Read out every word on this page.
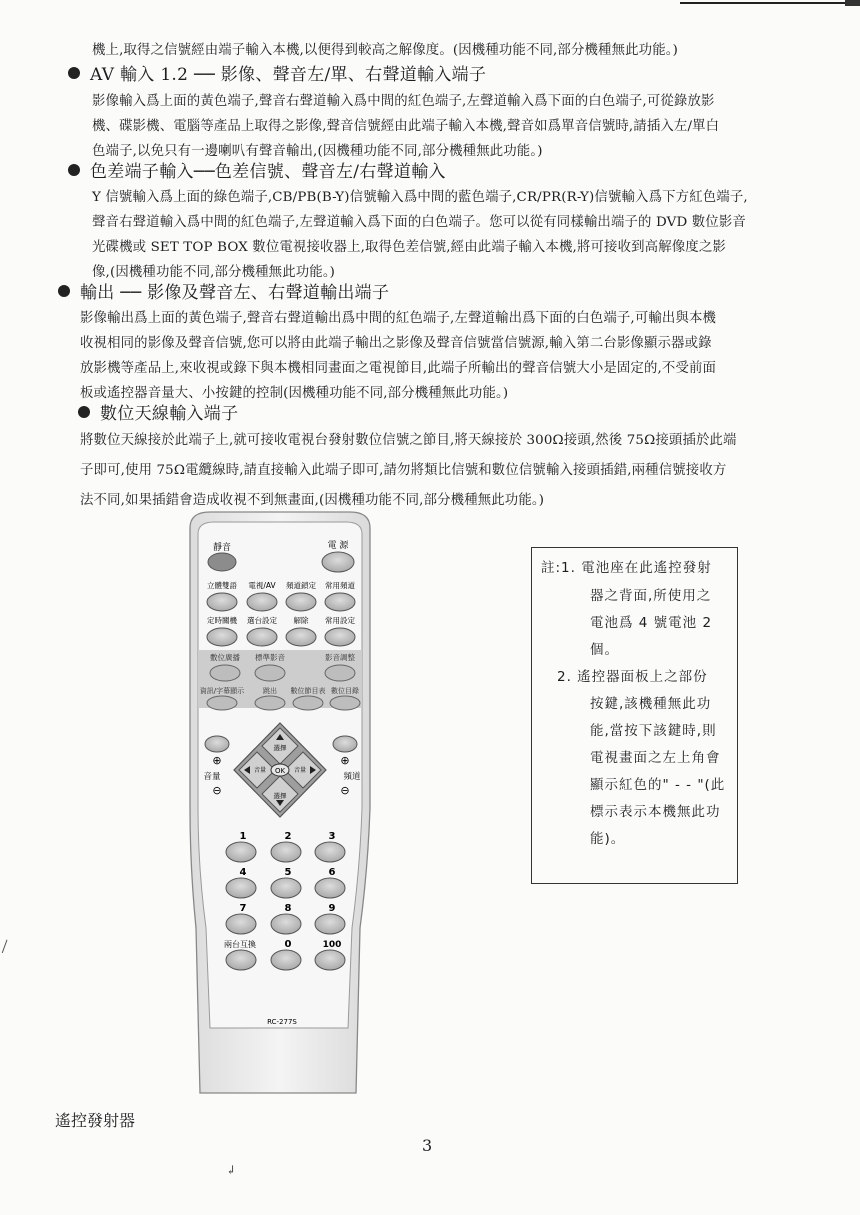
機上,取得之信號經由端子輸入本機,以便得到較高之解像度。(因機種功能不同,部分機種無此功能。)
AV 輸入 1.2 ── 影像、聲音左/單、右聲道輸入端子
影像輸入爲上面的黃色端子,聲音右聲道輸入爲中間的紅色端子,左聲道輸入爲下面的白色端子,可從錄放影
機、碟影機、電腦等產品上取得之影像,聲音信號經由此端子輸入本機,聲音如爲單音信號時,請插入左/單白
色端子,以免只有一邊喇叭有聲音輸出,(因機種功能不同,部分機種無此功能。)
色差端子輸入──色差信號、聲音左/右聲道輸入
Y 信號輸入爲上面的綠色端子,CB/PB(B-Y)信號輸入爲中間的藍色端子,CR/PR(R-Y)信號輸入爲下方紅色端子,
聲音右聲道輸入爲中間的紅色端子,左聲道輸入爲下面的白色端子。您可以從有同樣輸出端子的 DVD 數位影音
光碟機或 SET TOP BOX 數位電視接收器上,取得色差信號,經由此端子輸入本機,將可接收到高解像度之影
像,(因機種功能不同,部分機種無此功能。)
輸出 ── 影像及聲音左、右聲道輸出端子
影像輸出爲上面的黃色端子,聲音右聲道輸出爲中間的紅色端子,左聲道輸出爲下面的白色端子,可輸出與本機
收視相同的影像及聲音信號,您可以將由此端子輸出之影像及聲音信號當信號源,輸入第二台影像顯示器或錄
放影機等產品上,來收視或錄下與本機相同畫面之電視節目,此端子所輸出的聲音信號大小是固定的,不受前面
板或遙控器音量大、小按鍵的控制(因機種功能不同,部分機種無此功能。)
數位天線輸入端子
將數位天線接於此端子上,就可接收電視台發射數位信號之節目,將天線接於 300Ω接頭,然後 75Ω接頭插於此端
子即可,使用 75Ω電纜線時,請直接輸入此端子即可,請勿將類比信號和數位信號輸入接頭插錯,兩種信號接收方
法不同,如果插錯會造成收視不到無畫面,(因機種功能不同,部分機種無此功能。)
靜音	電 源
立體雙語 電視/AV 頻道鎖定 常用頻道
定時關機 選台設定 解除 常用設定
數位廣播 標準影音	影音調整
資訊/字幕顯示	跳出 數位節目表 數位目錄
⊕	⊕
音量	頻道
⊖	⊖
選擇
選擇
音量	音量
OK
1	2	3
4	5	6
7	8	9
兩台互換	0	100
RC-277S
註:1. 電池座在此遙控發射
器之背面,所使用之
電池爲 4 號電池 2
個。
2. 遙控器面板上之部份
按鍵,該機種無此功
能,當按下該鍵時,則
電視畫面之左上角會
顯示紅色的" - - "(此
標示表示本機無此功
能)。
遙控發射器
3
↲
